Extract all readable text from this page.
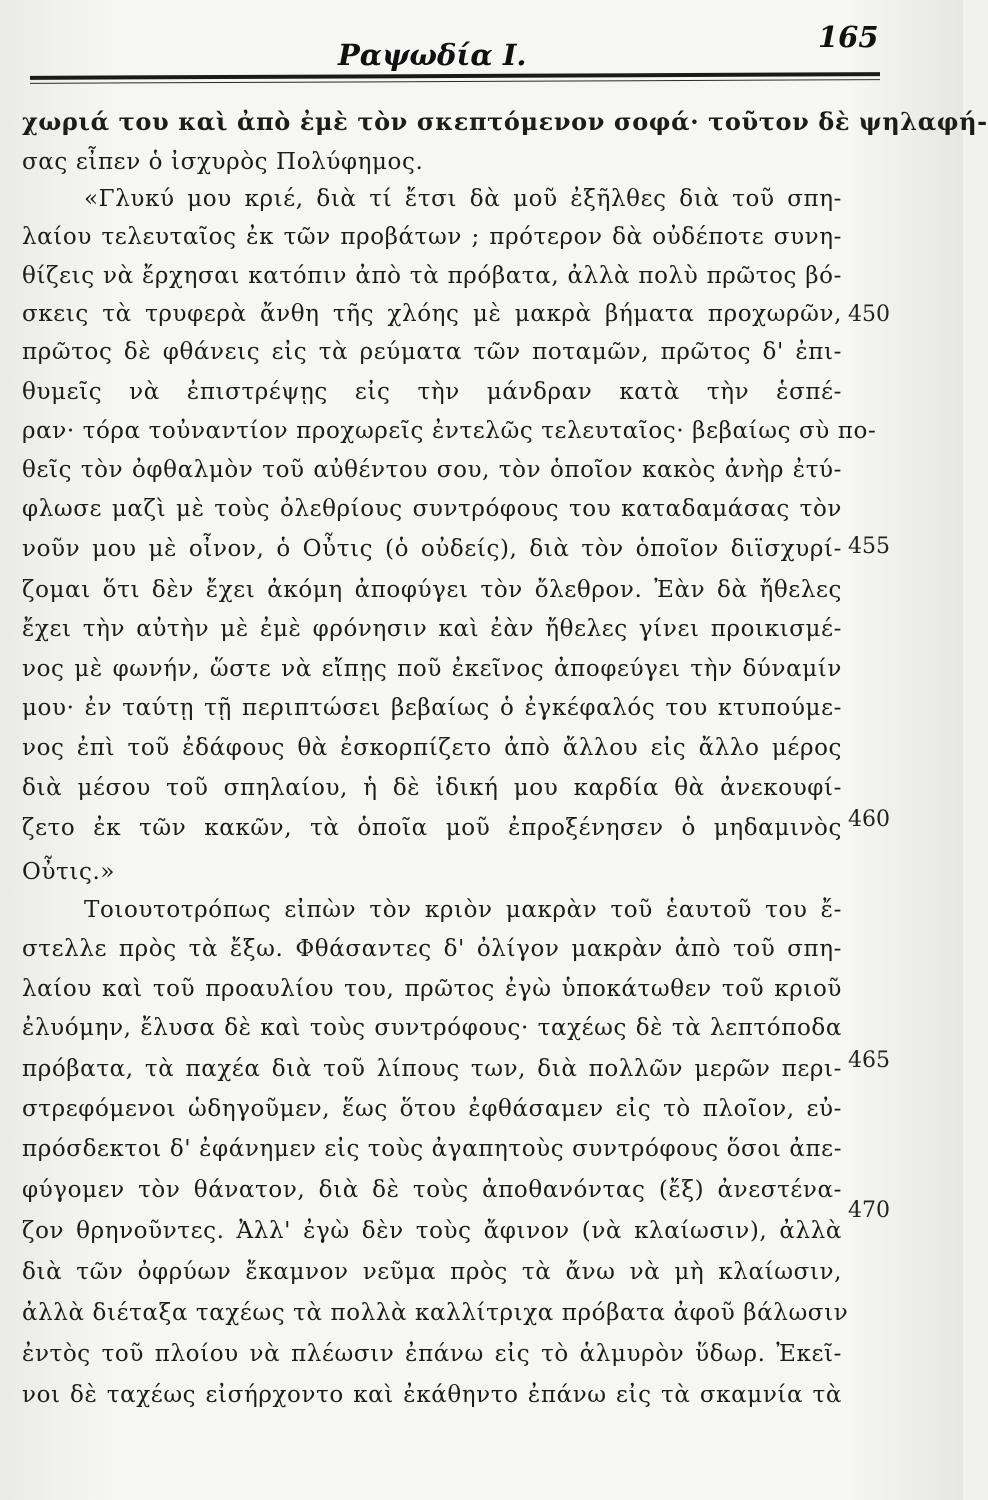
Ραψωδία Ι.
165
χωριά του καὶ ἀπὸ ἐμὲ τὸν σκεπτόμενον σοφά· τοῦτον δὲ ψηλαφή-
σας εἶπεν ὁ ἰσχυρὸς Πολύφημος.
«Γλυκύ μου κριέ, διὰ τί ἔτσι δὰ μοῦ ἐξῆλθες διὰ τοῦ σπη-
λαίου τελευταῖος ἐκ τῶν προβάτων ; πρότερον δὰ οὐδέποτε συνη-
θίζεις νὰ ἔρχησαι κατόπιν ἀπὸ τὰ πρόβατα, ἀλλὰ πολὺ πρῶτος βό-
σκεις τὰ τρυφερὰ ἄνθη τῆς χλόης μὲ μακρὰ βήματα προχωρῶν,
πρῶτος δὲ φθάνεις εἰς τὰ ρεύματα τῶν ποταμῶν, πρῶτος δ' ἐπι-
θυμεῖς νὰ ἐπιστρέψῃς εἰς τὴν μάνδραν κατὰ τὴν ἑσπέ-
ραν· τόρα τοὐναντίον προχωρεῖς ἐντελῶς τελευταῖος· βεβαίως σὺ πο-
θεῖς τὸν ὀφθαλμὸν τοῦ αὐθέντου σου, τὸν ὁποῖον κακὸς ἀνὴρ ἐτύ-
φλωσε μαζὶ μὲ τοὺς ὀλεθρίους συντρόφους του καταδαμάσας τὸν
νοῦν μου μὲ οἶνον, ὁ Οὖτις (ὁ οὐδείς), διὰ τὸν ὁποῖον διϊσχυρί-
ζομαι ὅτι δὲν ἔχει ἀκόμη ἀποφύγει τὸν ὄλεθρον. Ἐὰν δὰ ἤθελες
ἔχει τὴν αὐτὴν μὲ ἐμὲ φρόνησιν καὶ ἐὰν ἤθελες γίνει προικισμέ-
νος μὲ φωνήν, ὥστε νὰ εἴπῃς ποῦ ἐκεῖνος ἀποφεύγει τὴν δύναμίν
μου· ἐν ταύτῃ τῇ περιπτώσει βεβαίως ὁ ἐγκέφαλός του κτυπούμε-
νος ἐπὶ τοῦ ἐδάφους θὰ ἐσκορπίζετο ἀπὸ ἄλλου εἰς ἄλλο μέρος
διὰ μέσου τοῦ σπηλαίου, ἡ δὲ ἰδική μου καρδία θὰ ἀνεκουφί-
ζετο ἐκ τῶν κακῶν, τὰ ὁποῖα μοῦ ἐπροξένησεν ὁ μηδαμινὸς
Οὖτις.»
Τοιουτοτρόπως εἰπὼν τὸν κριὸν μακρὰν τοῦ ἑαυτοῦ του ἔ-
στελλε πρὸς τὰ ἔξω. Φθάσαντες δ' ὀλίγον μακρὰν ἀπὸ τοῦ σπη-
λαίου καὶ τοῦ προαυλίου του, πρῶτος ἐγὼ ὑποκάτωθεν τοῦ κριοῦ
ἐλυόμην, ἔλυσα δὲ καὶ τοὺς συντρόφους· ταχέως δὲ τὰ λεπτόποδα
πρόβατα, τὰ παχέα διὰ τοῦ λίπους των, διὰ πολλῶν μερῶν περι-
στρεφόμενοι ὡδηγοῦμεν, ἕως ὅτου ἐφθάσαμεν εἰς τὸ πλοῖον, εὐ-
πρόσδεκτοι δ' ἐφάνημεν εἰς τοὺς ἀγαπητοὺς συντρόφους ὅσοι ἀπε-
φύγομεν τὸν θάνατον, διὰ δὲ τοὺς ἀποθανόντας (ἔξ) ἀνεστένα-
ζον θρηνοῦντες. Ἀλλ' ἐγὼ δὲν τοὺς ἄφινον (νὰ κλαίωσιν), ἀλλὰ
διὰ τῶν ὀφρύων ἔκαμνον νεῦμα πρὸς τὰ ἄνω νὰ μὴ κλαίωσιν,
ἀλλὰ διέταξα ταχέως τὰ πολλὰ καλλίτριχα πρόβατα ἀφοῦ βάλωσιν
ἐντὸς τοῦ πλοίου νὰ πλέωσιν ἐπάνω εἰς τὸ ἁλμυρὸν ὕδωρ. Ἐκεῖ-
νοι δὲ ταχέως εἰσήρχοντο καὶ ἐκάθηντο ἐπάνω εἰς τὰ σκαμνία τὰ
450
455
460
465
470
